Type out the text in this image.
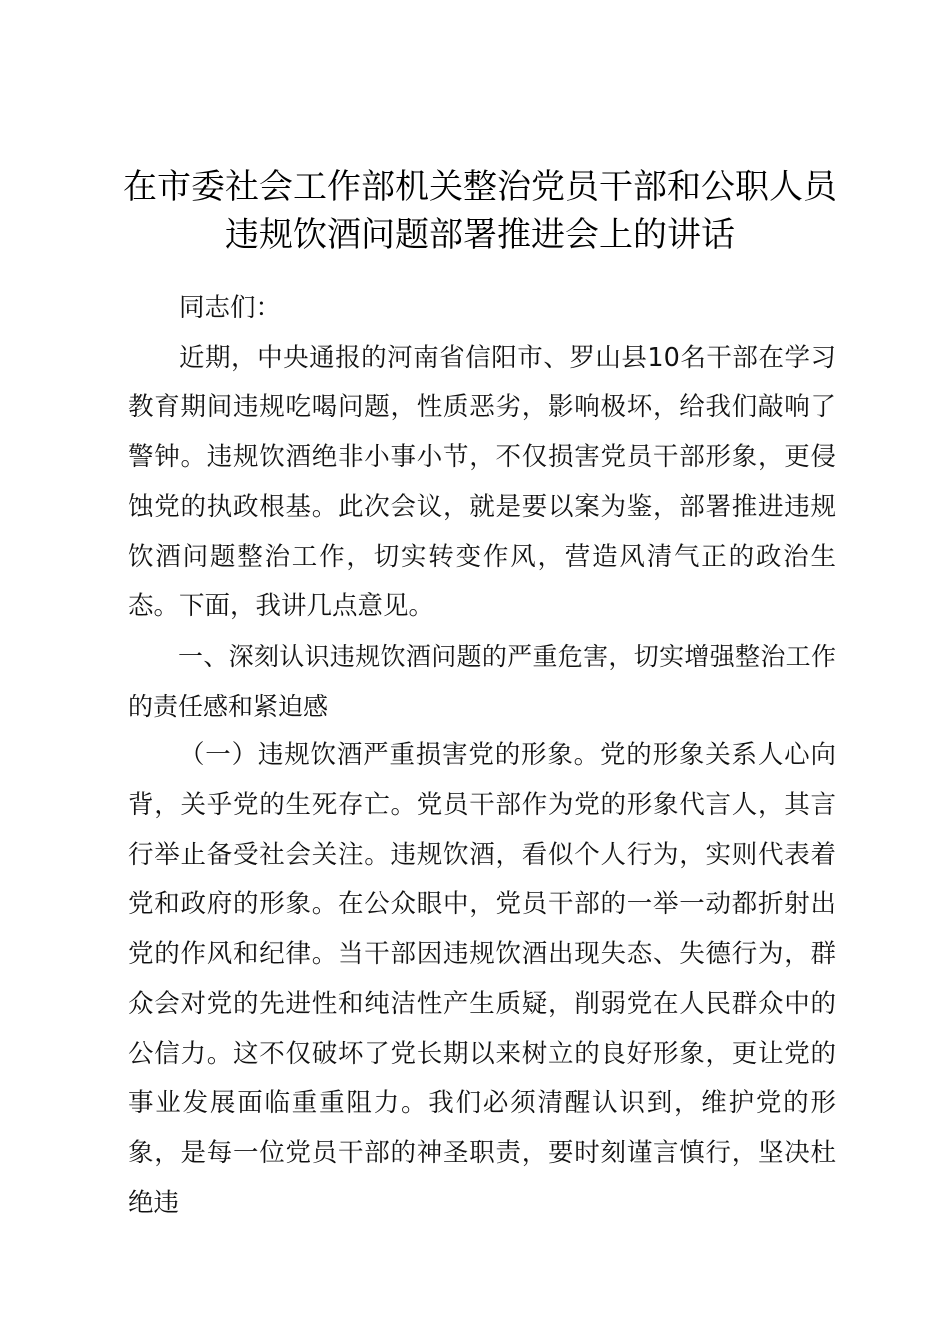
在市委社会工作部机关整治党员干部和公职人员违规饮酒问题部署推进会上的讲话

同志们：

近期，中央通报的河南省信阳市、罗山县10名干部在学习教育期间违规吃喝问题，性质恶劣，影响极坏，给我们敲响了警钟。违规饮酒绝非小事小节，不仅损害党员干部形象，更侵蚀党的执政根基。此次会议，就是要以案为鉴，部署推进违规饮酒问题整治工作，切实转变作风，营造风清气正的政治生态。下面，我讲几点意见。

一、深刻认识违规饮酒问题的严重危害，切实增强整治工作的责任感和紧迫感

（一）违规饮酒严重损害党的形象。党的形象关系人心向背，关乎党的生死存亡。党员干部作为党的形象代言人，其言行举止备受社会关注。违规饮酒，看似个人行为，实则代表着党和政府的形象。在公众眼中，党员干部的一举一动都折射出党的作风和纪律。当干部因违规饮酒出现失态、失德行为，群众会对党的先进性和纯洁性产生质疑，削弱党在人民群众中的公信力。这不仅破坏了党长期以来树立的良好形象，更让党的事业发展面临重重阻力。我们必须清醒认识到，维护党的形象，是每一位党员干部的神圣职责，要时刻谨言慎行，坚决杜绝违
